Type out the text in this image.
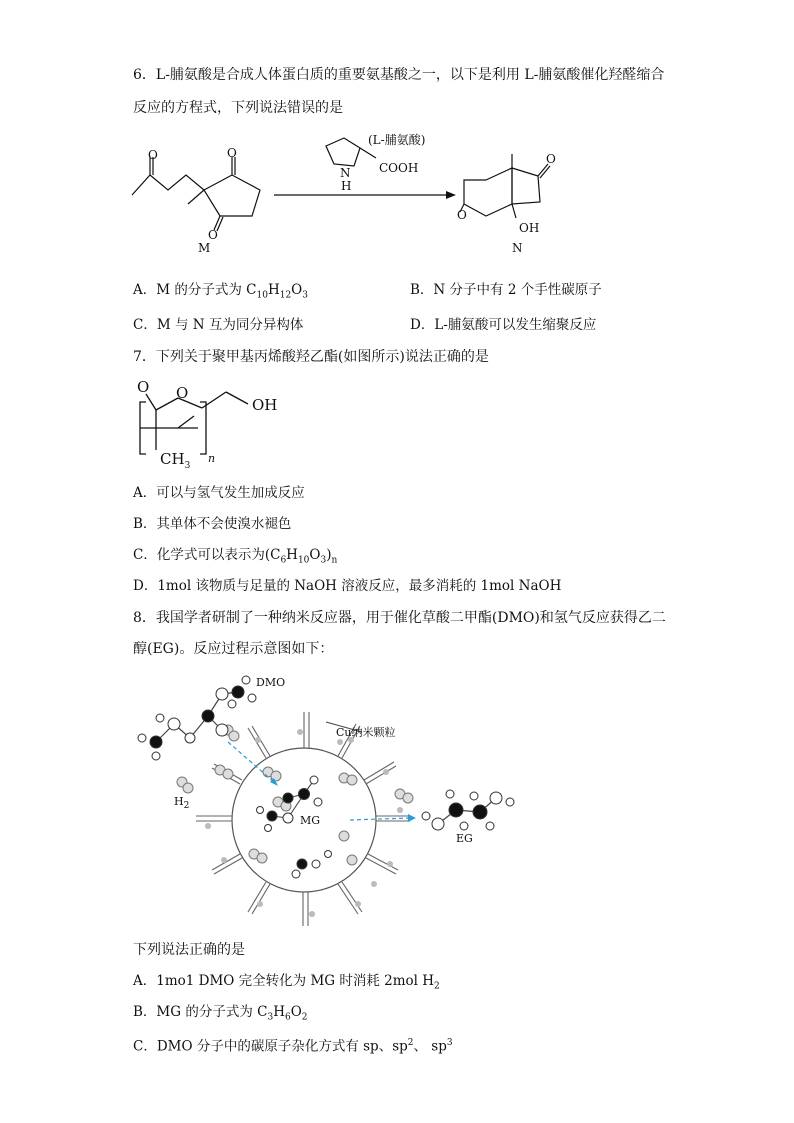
6．L-脯氨酸是合成人体蛋白质的重要氨基酸之一，以下是利用 L-脯氨酸催化羟醛缩合
反应的方程式，下列说法错误的是
O	O
O
M
(L-脯氨酸)
N
H
COOH
O
O
OH
N
A．M 的分子式为 $C_{10}H_{12}O_3$	B．N 分子中有 2 个手性碳原子
C．M 与 N 互为同分异构体	D．L-脯氨酸可以发生缩聚反应
7．下列关于聚甲基丙烯酸羟乙酯(如图所示)说法正确的是
O O
OH
$CH_3$
n
A．可以与氢气发生加成反应
B．其单体不会使溴水褪色
C．化学式可以表示为$(C_6H_{10}O_3)_n$
D．1mol 该物质与足量的 NaOH 溶液反应，最多消耗的 1mol NaOH
8．我国学者研制了一种纳米反应器，用于催化草酸二甲酯(DMO)和氢气反应获得乙二
醇(EG)。反应过程示意图如下：
DMO
Cu纳米颗粒
$H_2$
MG
EG
下列说法正确的是
A．1mo1 DMO 完全转化为 MG 时消耗 2mol $H_2$
B．MG 的分子式为 $C_3H_6O_2$
C．DMO 分子中的碳原子杂化方式有 sp、$sp^2$、 $sp^3$
